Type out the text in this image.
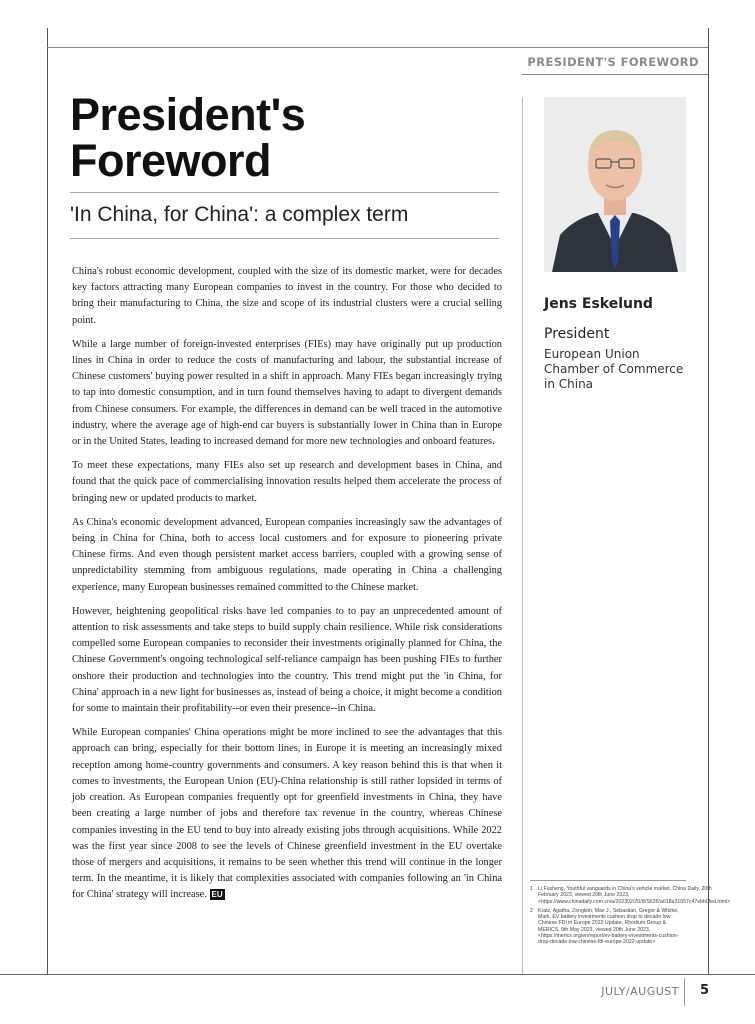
PRESIDENT'S FOREWORD
President's Foreword
'In China, for China': a complex term

China's robust economic development, coupled with the size of its domestic market, were for decades key factors attracting many European companies to invest in the country. For those who decided to bring their manufacturing to China, the size and scope of its industrial clusters were a crucial selling point.

While a large number of foreign-invested enterprises (FIEs) may have originally put up production lines in China in order to reduce the costs of manufacturing and labour, the substantial increase of Chinese customers' buying power resulted in a shift in approach. Many FIEs began increasingly trying to tap into domestic consumption, and in turn found themselves having to adapt to divergent demands from Chinese consumers. For example, the differences in demand can be well traced in the automotive industry, where the average age of high-end car buyers is substantially lower in China than in Europe or in the United States, leading to increased demand for more new technologies and onboard features.

To meet these expectations, many FIEs also set up research and development bases in China, and found that the quick pace of commercialising innovation results helped them accelerate the process of bringing new or updated products to market.

As China's economic development advanced, European companies increasingly saw the advantages of being in China for China, both to access local customers and for exposure to pioneering private Chinese firms. And even though persistent market access barriers, coupled with a growing sense of unpredictability stemming from ambiguous regulations, made operating in China a challenging experience, many European businesses remained committed to the Chinese market.

However, heightening geopolitical risks have led companies to to pay an unprecedented amount of attention to risk assessments and take steps to build supply chain resilience. While risk considerations compelled some European companies to reconsider their investments originally planned for China, the Chinese Government's ongoing technological self-reliance campaign has been pushing FIEs to further onshore their production and technologies into the country. This trend might put the 'in China, for China' approach in a new light for businesses as, instead of being a choice, it might become a condition for some to maintain their profitability--or even their presence--in China.

While European companies' China operations might be more inclined to see the advantages that this approach can bring, especially for their bottom lines, in Europe it is meeting an increasingly mixed reception among home-country governments and consumers. A key reason behind this is that when it comes to investments, the European Union (EU)-China relationship is still rather lopsided in terms of job creation. As European companies frequently opt for greenfield investments in China, they have been creating a large number of jobs and therefore tax revenue in the country, whereas Chinese companies investing in the EU tend to buy into already existing jobs through acquisitions. While 2022 was the first year since 2008 to see the levels of Chinese greenfield investment in the EU overtake those of mergers and acquisitions, it remains to be seen whether this trend will continue in the longer term. In the meantime, it is likely that complexities associated with companies following an 'in China for China' strategy will increase. EU

Jens Eskelund
President
European Union Chamber of Commerce in China
1 Li Fusheng, Youthful vanguards in China's vehicle market, China Daily, 20th February 2023, viewed 20th June 2023, <https://www.chinadaily.com.cn/a/202302/20/WS63f2a018a31057c47ebb0fed.html>
2 Kratz, Agatha, Zenglein, Max J., Sebastian, Gregor & Witzke, Mark, EV battery investments cushion drop to decade low: Chinese FDI in Europe 2022 Update, Rhodium Group & MERICS, 9th May 2023, viewed 20th June 2023, <https://merics.org/en/report/ev-battery-investments-cushion-drop-decade-low-chinese-fdi-europe-2022-update>
JULY/AUGUST 5
